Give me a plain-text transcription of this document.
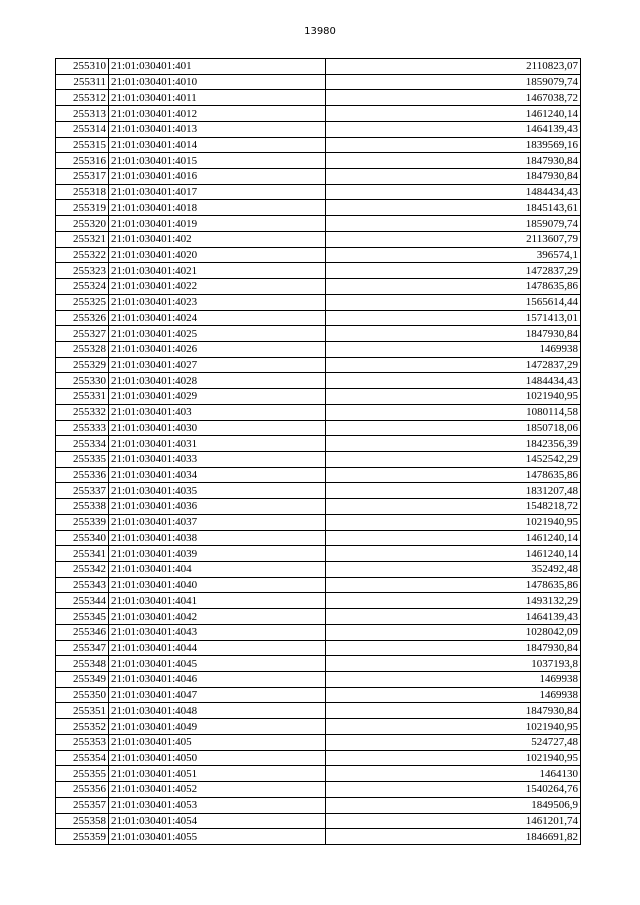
13980
255310	21:01:030401:401	2110823,07
255311	21:01:030401:4010	1859079,74
255312	21:01:030401:4011	1467038,72
255313	21:01:030401:4012	1461240,14
255314	21:01:030401:4013	1464139,43
255315	21:01:030401:4014	1839569,16
255316	21:01:030401:4015	1847930,84
255317	21:01:030401:4016	1847930,84
255318	21:01:030401:4017	1484434,43
255319	21:01:030401:4018	1845143,61
255320	21:01:030401:4019	1859079,74
255321	21:01:030401:402	2113607,79
255322	21:01:030401:4020	396574,1
255323	21:01:030401:4021	1472837,29
255324	21:01:030401:4022	1478635,86
255325	21:01:030401:4023	1565614,44
255326	21:01:030401:4024	1571413,01
255327	21:01:030401:4025	1847930,84
255328	21:01:030401:4026	1469938
255329	21:01:030401:4027	1472837,29
255330	21:01:030401:4028	1484434,43
255331	21:01:030401:4029	1021940,95
255332	21:01:030401:403	1080114,58
255333	21:01:030401:4030	1850718,06
255334	21:01:030401:4031	1842356,39
255335	21:01:030401:4033	1452542,29
255336	21:01:030401:4034	1478635,86
255337	21:01:030401:4035	1831207,48
255338	21:01:030401:4036	1548218,72
255339	21:01:030401:4037	1021940,95
255340	21:01:030401:4038	1461240,14
255341	21:01:030401:4039	1461240,14
255342	21:01:030401:404	352492,48
255343	21:01:030401:4040	1478635,86
255344	21:01:030401:4041	1493132,29
255345	21:01:030401:4042	1464139,43
255346	21:01:030401:4043	1028042,09
255347	21:01:030401:4044	1847930,84
255348	21:01:030401:4045	1037193,8
255349	21:01:030401:4046	1469938
255350	21:01:030401:4047	1469938
255351	21:01:030401:4048	1847930,84
255352	21:01:030401:4049	1021940,95
255353	21:01:030401:405	524727,48
255354	21:01:030401:4050	1021940,95
255355	21:01:030401:4051	1464130
255356	21:01:030401:4052	1540264,76
255357	21:01:030401:4053	1849506,9
255358	21:01:030401:4054	1461201,74
255359	21:01:030401:4055	1846691,82
